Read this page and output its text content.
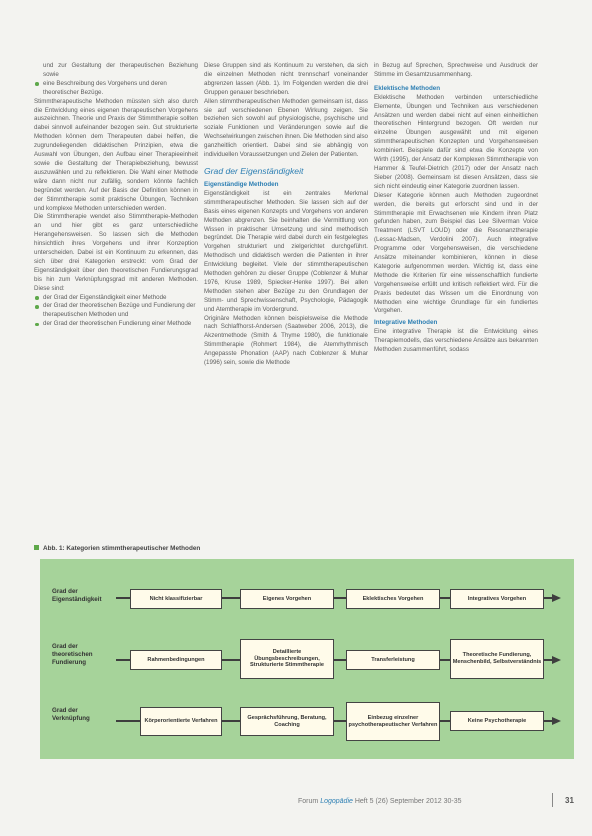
und zur Gestaltung der therapeutischen Beziehung sowie

eine Beschreibung des Vorgehens und deren theoretischer Bezüge.

Stimmtherapeutische Methoden müssten sich also durch die Entwicklung eines eigenen therapeutischen Vorgehens auszeichnen. Theorie und Praxis der Stimmtherapie sollten dabei sinnvoll aufeinander bezogen sein. Gut strukturierte Methoden können dem Therapeuten dabei helfen, die zugrundeliegenden didaktischen Prinzipien, etwa die Auswahl von Übungen, den Aufbau einer Therapieeinheit sowie die Gestaltung der Therapiebeziehung, bewusst auszuwählen und zu reflektieren. Die Wahl einer Methode wäre dann nicht nur zufällig, sondern könnte fachlich begründet werden. Auf der Basis der Definition können in der Stimmtherapie somit praktische Übungen, Techniken und komplexe Methoden unterschieden werden.

Die Stimmtherapie wendet also Stimmtherapie-Methoden an und hier gibt es ganz unterschiedliche Herangehensweisen. So lassen sich die Methoden hinsichtlich ihres Vorgehens und ihrer Konzeption unterscheiden. Dabei ist ein Kontinuum zu erkennen, das sich über drei Kategorien erstreckt: vom Grad der Eigenständigkeit über den theoretischen Fundierungsgrad bis hin zum Verknüpfungsgrad mit anderen Methoden. Diese sind:

der Grad der Eigenständigkeit einer Methode
der Grad der theoretischen Bezüge und Fundierung der therapeutischen Methoden und
der Grad der theoretischen Fundierung einer Methode

Diese Gruppen sind als Kontinuum zu verstehen, da sich die einzelnen Methoden nicht trennscharf voneinander abgrenzen lassen (Abb. 1). Im Folgenden werden die drei Gruppen genauer beschrieben.

Allen stimmtherapeutischen Methoden gemeinsam ist, dass sie auf verschiedenen Ebenen Wirkung zeigen. Sie beziehen sich sowohl auf physiologische, psychische und soziale Funktionen und Veränderungen sowie auf die Wechselwirkungen zwischen ihnen. Die Methoden sind also ganzheitlich orientiert. Dabei sind sie abhängig von individuellen Voraussetzungen und Zielen der Patienten.

Grad der Eigenständigkeit
Eigenständige Methoden

Eigenständigkeit ist ein zentrales Merkmal stimmtherapeutischer Methoden. Sie lassen sich auf der Basis eines eigenen Konzepts und Vorgehens von anderen Methoden abgrenzen. Sie beinhalten die Vermittlung von Wissen in praktischer Umsetzung und sind methodisch begründet. Die Therapie wird dabei durch ein festgelegtes Vorgehen strukturiert und zielgerichtet durchgeführt. Methodisch und didaktisch werden die Patienten in ihrer Entwicklung begleitet. Viele der stimmtherapeutischen Methoden gehören zu dieser Gruppe (Coblenzer & Muhar 1976, Kruse 1989, Spiecker-Henke 1997). Bei allen Methoden stehen aber Bezüge zu den Grundlagen der Stimm- und Sprechwissenschaft, Psychologie, Pädagogik und Atemtherapie im Vordergrund.

Originäre Methoden können beispielsweise die Methode nach Schlaffhorst-Andersen (Saatweber 2006, 2013), die Akzentmethode (Smith & Thyme 1980), die funktionale Stimmtherapie (Rohmert 1984), die Atemrhythmisch Angepasste Phonation (AAP) nach Coblenzer & Muhar (1996) sein, sowie die Methode

in Bezug auf Sprechen, Sprechweise und Ausdruck der Stimme im Gesamtzusammenhang.

Eklektische Methoden

Eklektische Methoden verbinden unterschiedliche Elemente, Übungen und Techniken aus verschiedenen Ansätzen und werden dabei nicht auf einen einheitlichen theoretischen Hintergrund bezogen. Oft werden nur einzelne Übungen ausgewählt und mit eigenen stimmtherapeutischen Konzepten und Vorgehensweisen kombiniert. Beispiele dafür sind etwa die Konzepte von Wirth (1995), der Ansatz der Komplexen Stimmtherapie von Hammer & Teufel-Dietrich (2017) oder der Ansatz nach Sieber (2008). Gemeinsam ist diesen Ansätzen, dass sie sich nicht eindeutig einer Kategorie zuordnen lassen.

Dieser Kategorie können auch Methoden zugeordnet werden, die bereits gut erforscht sind und in der Stimmtherapie mit Erwachsenen wie Kindern ihren Platz gefunden haben, zum Beispiel das Lee Silverman Voice Treatment (LSVT LOUD) oder die Resonanztherapie (Lessac-Madsen, Verdolini 2007). Auch integrative Programme oder Vorgehensweisen, die verschiedene Ansätze miteinander kombinieren, können in diese Kategorie aufgenommen werden. Wichtig ist, dass eine Methode die Kriterien für eine wissenschaftlich fundierte Vorgehensweise erfüllt und kritisch reflektiert wird. Für die Praxis bedeutet das Wissen um die Einordnung von Methoden eine wichtige Grundlage für ein fundiertes Vorgehen.

Integrative Methoden

Eine integrative Therapie ist die Entwicklung eines Therapiemodells, das verschiedene Ansätze aus bekannten Methoden zusammenführt, sodass

Abb. 1: Kategorien stimmtherapeutischer Methoden
Grad der Eigenständigkeit	Nicht klassifizierbar	Eigenes Vorgehen	Eklektisches Vorgehen	Integratives Vorgehen
Grad der theoretischen Fundierung	Rahmenbedingungen
Detaillierte Übungsbeschreibungen, Strukturierte Stimmtherapie
Transferleistung
Theoretische Fundierung, Menschenbild, Selbstverständnis
Grad der Verknüpfung	Körperorientierte Verfahren
Gesprächsführung, Beratung, Coaching
Einbezug einzelner psychotherapeutischer Verfahren
Keine Psychotherapie
Forum Logopädie Heft 5 (26) September 2012 30-35	31
